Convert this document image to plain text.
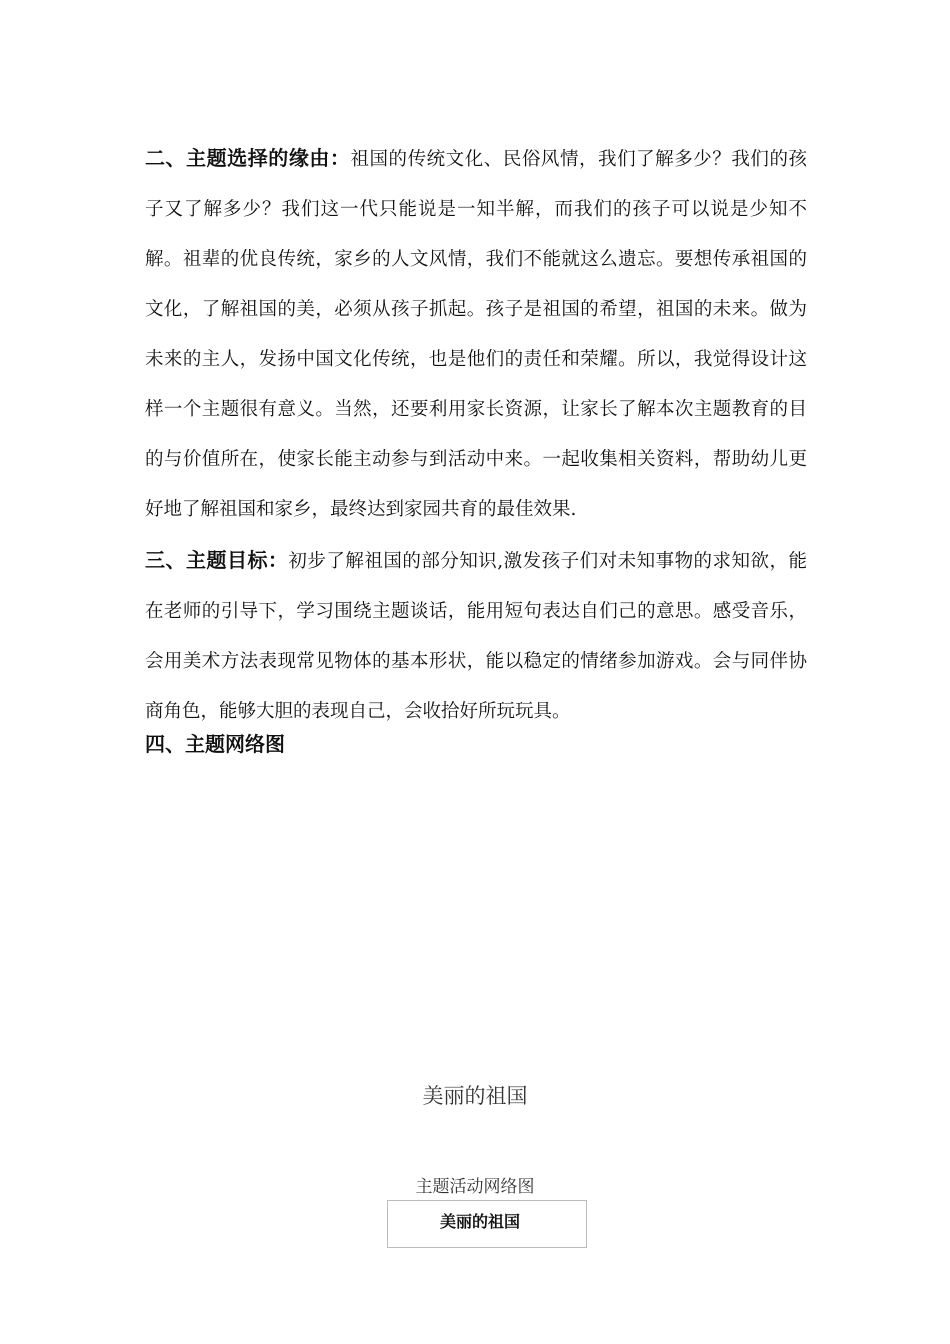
二、主题选择的缘由：祖国的传统文化、民俗风情，我们了解多少？我们的孩子又了解多少？我们这一代只能说是一知半解，而我们的孩子可以说是少知不解。祖辈的优良传统，家乡的人文风情，我们不能就这么遗忘。要想传承祖国的文化，了解祖国的美，必须从孩子抓起。孩子是祖国的希望，祖国的未来。做为未来的主人，发扬中国文化传统，也是他们的责任和荣耀。所以，我觉得设计这样一个主题很有意义。当然，还要利用家长资源，让家长了解本次主题教育的目的与价值所在，使家长能主动参与到活动中来。一起收集相关资料，帮助幼儿更好地了解祖国和家乡，最终达到家园共育的最佳效果.

三、主题目标：初步了解祖国的部分知识,激发孩子们对未知事物的求知欲，能在老师的引导下，学习围绕主题谈话，能用短句表达自们己的意思。感受音乐，会用美术方法表现常见物体的基本形状，能以稳定的情绪参加游戏。会与同伴协商角色，能够大胆的表现自己，会收拾好所玩玩具。

四、主题网络图
美丽的祖国
主题活动网络图
美丽的祖国
